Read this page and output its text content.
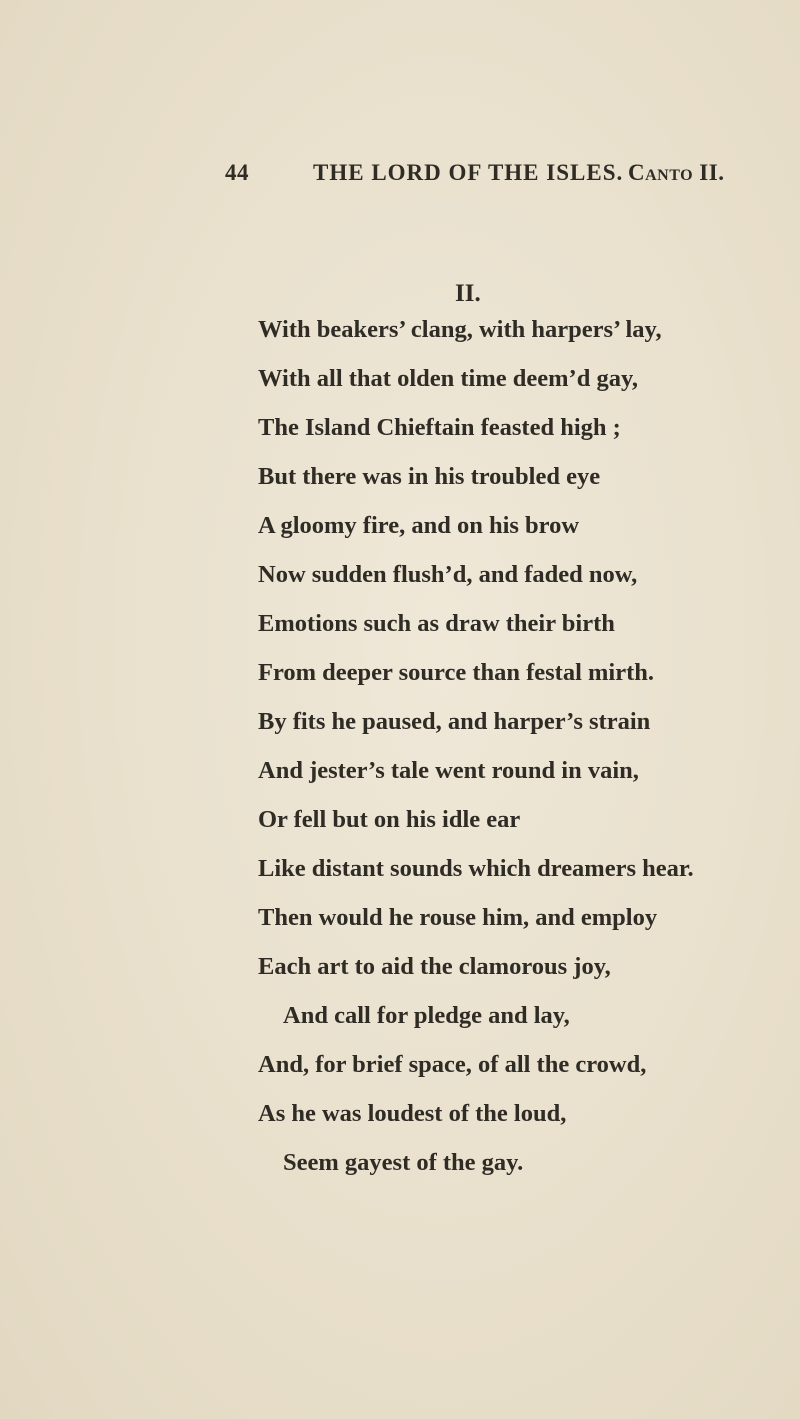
44	THE LORD OF THE ISLES. Canto II.
II.
With beakers’ clang, with harpers’ lay,
With all that olden time deem’d gay,
The Island Chieftain feasted high ;
But there was in his troubled eye
A gloomy fire, and on his brow
Now sudden flush’d, and faded now,
Emotions such as draw their birth
From deeper source than festal mirth.
By fits he paused, and harper’s strain
And jester’s tale went round in vain,
Or fell but on his idle ear
Like distant sounds which dreamers hear.
Then would he rouse him, and employ
Each art to aid the clamorous joy,
And call for pledge and lay,
And, for brief space, of all the crowd,
As he was loudest of the loud,
Seem gayest of the gay.
